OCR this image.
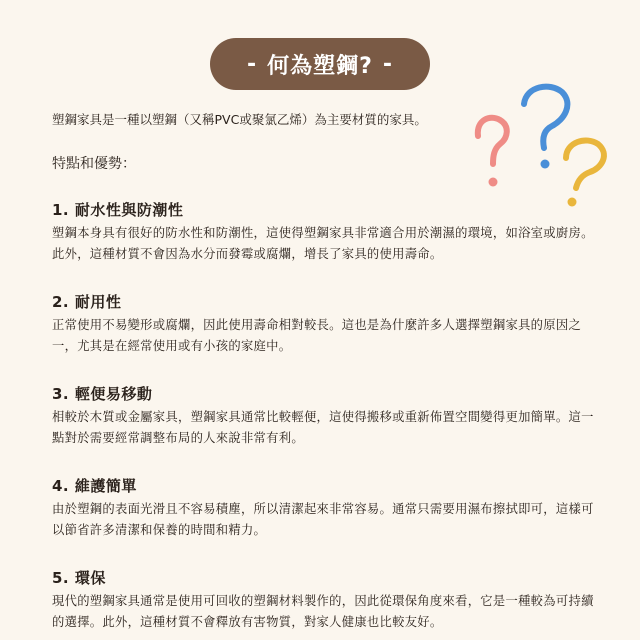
- 何為塑鋼? -

塑鋼家具是一種以塑鋼（又稱PVC或聚氯乙烯）為主要材質的家具。

特點和優勢：

1. 耐水性與防潮性

塑鋼本身具有很好的防水性和防潮性，這使得塑鋼家具非常適合用於潮濕的環境，如浴室或廚房。此外，這種材質不會因為水分而發霉或腐爛，增長了家具的使用壽命。

2. 耐用性

正常使用不易變形或腐爛，因此使用壽命相對較長。這也是為什麼許多人選擇塑鋼家具的原因之一，尤其是在經常使用或有小孩的家庭中。

3. 輕便易移動

相較於木質或金屬家具，塑鋼家具通常比較輕便，這使得搬移或重新佈置空間變得更加簡單。這一點對於需要經常調整布局的人來說非常有利。

4. 維護簡單

由於塑鋼的表面光滑且不容易積塵，所以清潔起來非常容易。通常只需要用濕布擦拭即可，這樣可以節省許多清潔和保養的時間和精力。

5. 環保

現代的塑鋼家具通常是使用可回收的塑鋼材料製作的，因此從環保角度來看，它是一種較為可持續的選擇。此外，這種材質不會釋放有害物質，對家人健康也比較友好。
